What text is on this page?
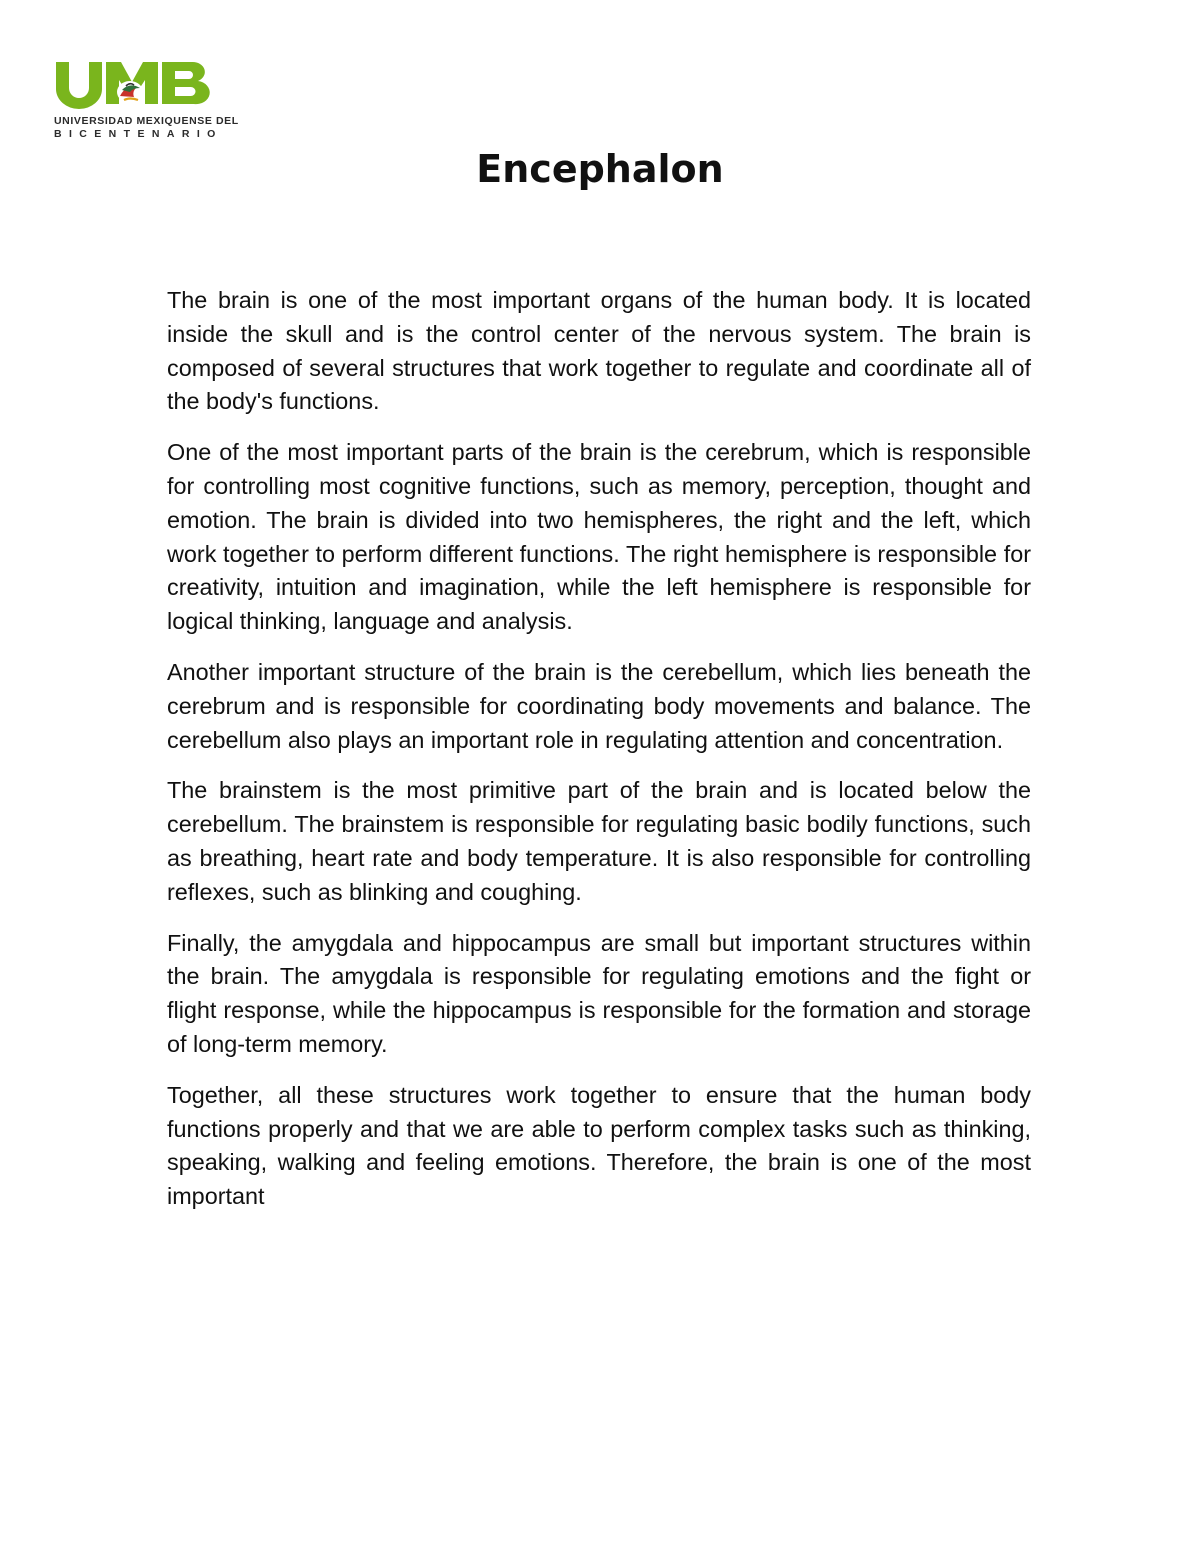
UNIVERSIDAD MEXIQUENSE DEL
BICENTENARIO
Encephalon

The brain is one of the most important organs of the human body. It is located inside the skull and is the control center of the nervous system. The brain is composed of several structures that work together to regulate and coordinate all of the body's functions.

One of the most important parts of the brain is the cerebrum, which is responsible for controlling most cognitive functions, such as memory, perception, thought and emotion. The brain is divided into two hemispheres, the right and the left, which work together to perform different functions. The right hemisphere is responsible for creativity, intuition and imagination, while the left hemisphere is responsible for logical thinking, language and analysis.

Another important structure of the brain is the cerebellum, which lies beneath the cerebrum and is responsible for coordinating body movements and balance. The cerebellum also plays an important role in regulating attention and concentration.

The brainstem is the most primitive part of the brain and is located below the cerebellum. The brainstem is responsible for regulating basic bodily functions, such as breathing, heart rate and body temperature. It is also responsible for controlling reflexes, such as blinking and coughing.

Finally, the amygdala and hippocampus are small but important structures within the brain. The amygdala is responsible for regulating emotions and the fight or flight response, while the hippocampus is responsible for the formation and storage of long-term memory.

Together, all these structures work together to ensure that the human body functions properly and that we are able to perform complex tasks such as thinking, speaking, walking and feeling emotions. Therefore, the brain is one of the most important
